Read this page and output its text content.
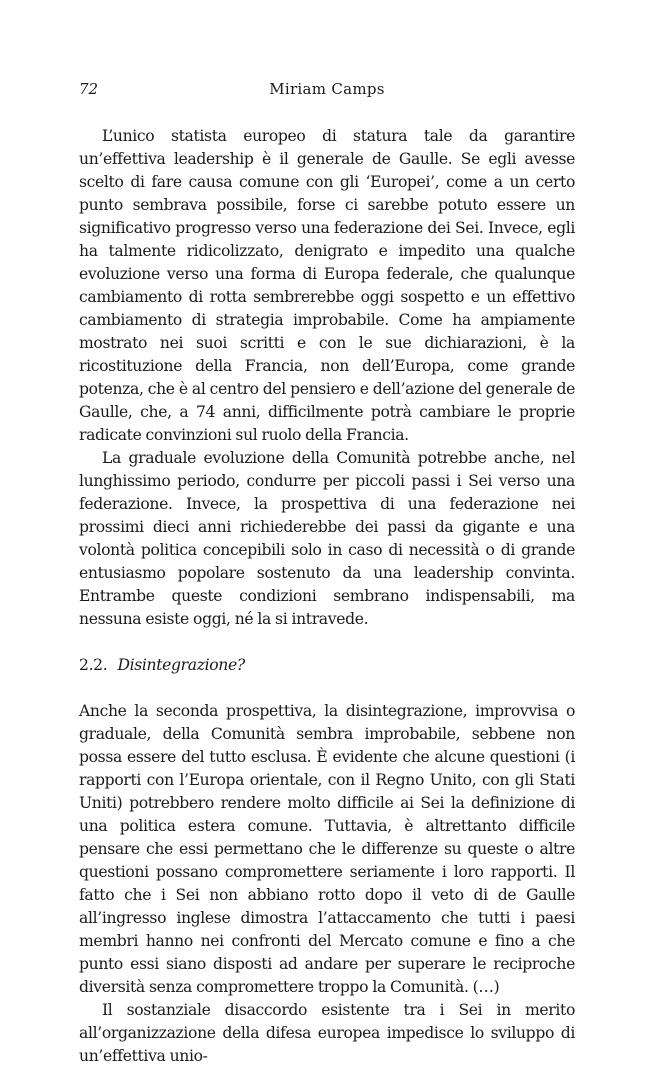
72	Miriam Camps

L’unico statista europeo di statura tale da garantire un’effettiva leadership è il generale de Gaulle. Se egli avesse scelto di fare causa comune con gli ‘Europei’, come a un certo punto sembrava possibile, forse ci sarebbe potuto essere un significativo progresso verso una federazione dei Sei. Invece, egli ha talmente ridicolizzato, denigrato e impedito una qualche evoluzione verso una forma di Europa federale, che qualunque cambiamento di rotta sembrerebbe oggi sospetto e un effettivo cambiamento di strategia improbabile. Come ha ampiamente mostrato nei suoi scritti e con le sue dichiarazioni, è la ricostituzione della Francia, non dell’Europa, come grande potenza, che è al centro del pensiero e dell’azione del generale de Gaulle, che, a 74 anni, difficilmente potrà cambiare le proprie radicate convinzioni sul ruolo della Francia.

La graduale evoluzione della Comunità potrebbe anche, nel lunghissimo periodo, condurre per piccoli passi i Sei verso una federazione. Invece, la prospettiva di una federazione nei prossimi dieci anni richiederebbe dei passi da gigante e una volontà politica concepibili solo in caso di necessità o di grande entusiasmo popolare sostenuto da una leadership convinta. Entrambe queste condizioni sembrano indispensabili, ma nessuna esiste oggi, né la si intravede.

2.2. Disintegrazione?

Anche la seconda prospettiva, la disintegrazione, improvvisa o graduale, della Comunità sembra improbabile, sebbene non possa essere del tutto esclusa. È evidente che alcune questioni (i rapporti con l’Europa orientale, con il Regno Unito, con gli Stati Uniti) potrebbero rendere molto difficile ai Sei la definizione di una politica estera comune. Tuttavia, è altrettanto difficile pensare che essi permettano che le differenze su queste o altre questioni possano compromettere seriamente i loro rapporti. Il fatto che i Sei non abbiano rotto dopo il veto di de Gaulle all’ingresso inglese dimostra l’attaccamento che tutti i paesi membri hanno nei confronti del Mercato comune e fino a che punto essi siano disposti ad andare per superare le reciproche diversità senza compromettere troppo la Comunità. (…)

Il sostanziale disaccordo esistente tra i Sei in merito all’organizzazione della difesa europea impedisce lo sviluppo di un’effettiva unio-
